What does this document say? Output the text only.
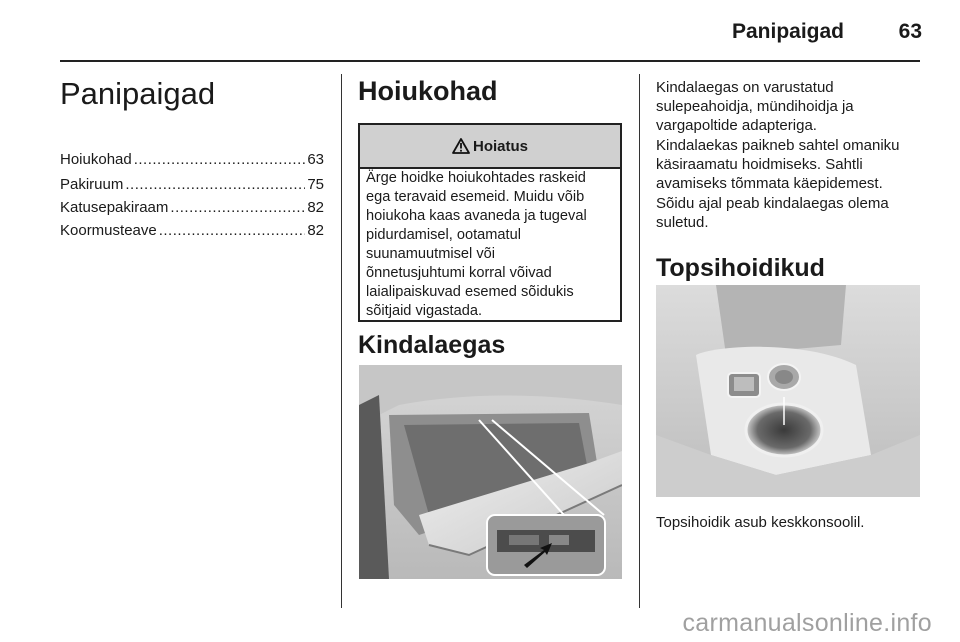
Panipaigad	63
Panipaigad
Hoiukohad .....	63
Pakiruum .....	75
Katusepakiraam .....	82
Koormusteave .....	82
Hoiukohad
Hoiatus
Ärge hoidke hoiukohtades raskeid
ega teravaid esemeid. Muidu võib
hoiukoha kaas avaneda ja tugeval
pidurdamisel, ootamatul
suunamuutmisel või
õnnetusjuhtumi korral võivad
laialipaiskuvad esemed sõidukis
sõitjaid vigastada.
Kindalaegas
Kindalaegas on varustatud
sulepeahoidja, mündihoidja ja
vargapoltide adapteriga.
Kindalaekas paikneb sahtel omaniku
käsiraamatu hoidmiseks. Sahtli
avamiseks tõmmata käepidemest.
Sõidu ajal peab kindalaegas olema
suletud.
Topsihoidikud
Topsihoidik asub keskkonsoolil.
carmanualsonline.info
